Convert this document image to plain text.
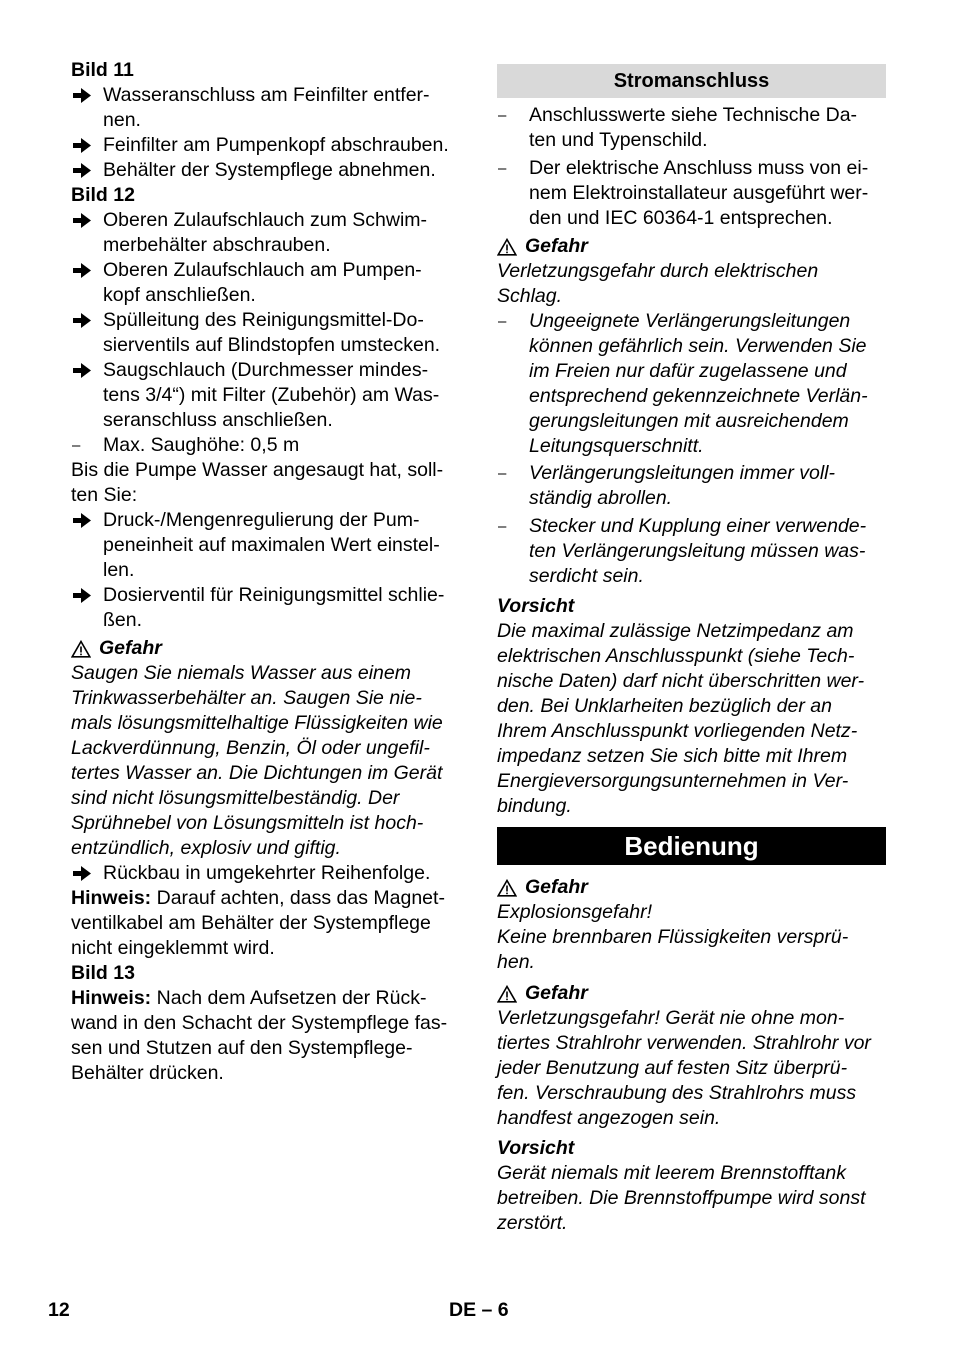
Bild 11
Wasseranschluss am Feinfilter entfer-
nen.
Feinfilter am Pumpenkopf abschrauben.
Behälter der Systempflege abnehmen.
Bild 12
Oberen Zulaufschlauch zum Schwim-
merbehälter abschrauben.
Oberen Zulaufschlauch am Pumpen-
kopf anschließen.
Spülleitung des Reinigungsmittel-Do-
sierventils auf Blindstopfen umstecken.
Saugschlauch (Durchmesser mindes-
tens 3/4“) mit Filter (Zubehör) am Was-
seranschluss anschließen.
–	Max. Saughöhe: 0,5 m
Bis die Pumpe Wasser angesaugt hat, soll-
ten Sie:
Druck-/Mengenregulierung der Pum-
peneinheit auf maximalen Wert einstel-
len.
Dosierventil für Reinigungsmittel schlie-
ßen.
Gefahr
Saugen Sie niemals Wasser aus einem
Trinkwasserbehälter an. Saugen Sie nie-
mals lösungsmittelhaltige Flüssigkeiten wie
Lackverdünnung, Benzin, Öl oder ungefil-
tertes Wasser an. Die Dichtungen im Gerät
sind nicht lösungsmittelbeständig. Der
Sprühnebel von Lösungsmitteln ist hoch-
entzündlich, explosiv und giftig.
Rückbau in umgekehrter Reihenfolge.
Hinweis: Darauf achten, dass das Magnet-
ventilkabel am Behälter der Systempflege
nicht eingeklemmt wird.
Bild 13
Hinweis: Nach dem Aufsetzen der Rück-
wand in den Schacht der Systempflege fas-
sen und Stutzen auf den Systempflege-
Behälter drücken.
Stromanschluss
–	Anschlusswerte siehe Technische Da-
ten und Typenschild.
–	Der elektrische Anschluss muss von ei-
nem Elektroinstallateur ausgeführt wer-
den und IEC 60364-1 entsprechen.
Gefahr
Verletzungsgefahr durch elektrischen
Schlag.
–	Ungeeignete Verlängerungsleitungen
können gefährlich sein. Verwenden Sie
im Freien nur dafür zugelassene und
entsprechend gekennzeichnete Verlän-
gerungsleitungen mit ausreichendem
Leitungsquerschnitt.
–	Verlängerungsleitungen immer voll-
ständig abrollen.
–	Stecker und Kupplung einer verwende-
ten Verlängerungsleitung müssen was-
serdicht sein.
Vorsicht
Die maximal zulässige Netzimpedanz am
elektrischen Anschlusspunkt (siehe Tech-
nische Daten) darf nicht überschritten wer-
den. Bei Unklarheiten bezüglich der an
Ihrem Anschlusspunkt vorliegenden Netz-
impedanz setzen Sie sich bitte mit Ihrem
Energieversorgungsunternehmen in Ver-
bindung.
Bedienung
Gefahr
Explosionsgefahr!
Keine brennbaren Flüssigkeiten versprü-
hen.
Gefahr
Verletzungsgefahr! Gerät nie ohne mon-
tiertes Strahlrohr verwenden. Strahlrohr vor
jeder Benutzung auf festen Sitz überprü-
fen. Verschraubung des Strahlrohrs muss
handfest angezogen sein.
Vorsicht
Gerät niemals mit leerem Brennstofftank
betreiben. Die Brennstoffpumpe wird sonst
zerstört.
12	DE – 6
